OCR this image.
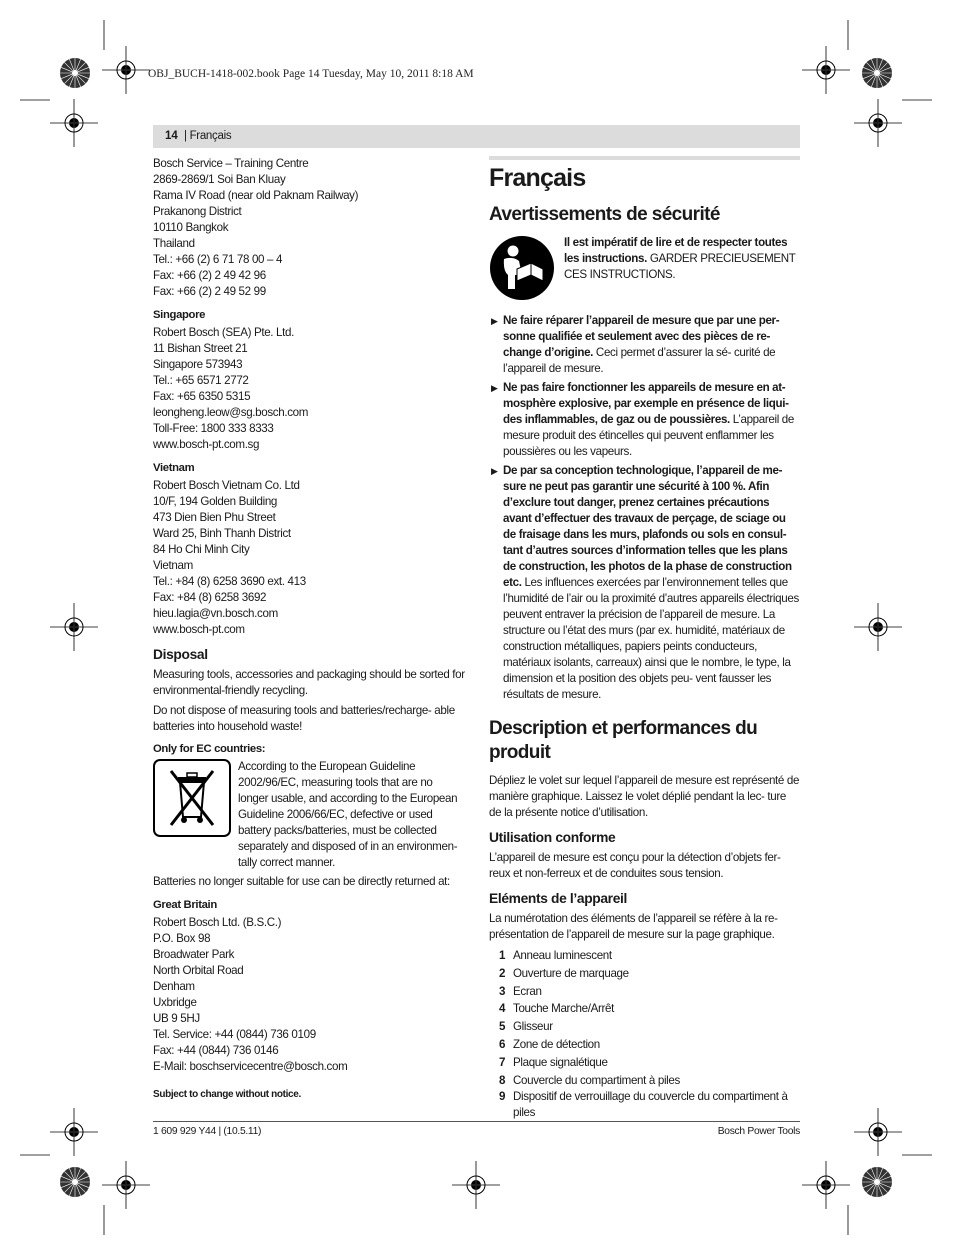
OBJ_BUCH-1418-002.book Page 14 Tuesday, May 10, 2011 8:18 AM
14 | Français
Bosch Service – Training Centre
2869-2869/1 Soi Ban Kluay
Rama IV Road (near old Paknam Railway)
Prakanong District
10110 Bangkok
Thailand
Tel.: +66 (2) 6 71 78 00 – 4
Fax: +66 (2) 2 49 42 96
Fax: +66 (2) 2 49 52 99
Singapore
Robert Bosch (SEA) Pte. Ltd.
11 Bishan Street 21
Singapore 573943
Tel.: +65 6571 2772
Fax: +65 6350 5315
leongheng.leow@sg.bosch.com
Toll-Free: 1800 333 8333
www.bosch-pt.com.sg
Vietnam
Robert Bosch Vietnam Co. Ltd
10/F, 194 Golden Building
473 Dien Bien Phu Street
Ward 25, Binh Thanh District
84 Ho Chi Minh City
Vietnam
Tel.: +84 (8) 6258 3690 ext. 413
Fax: +84 (8) 6258 3692
hieu.lagia@vn.bosch.com
www.bosch-pt.com
Disposal
Measuring tools, accessories and packaging should be sorted for environmental-friendly recycling.
Do not dispose of measuring tools and batteries/recharge- able batteries into household waste!
Only for EC countries:
According to the European Guideline 2002/96/EC, measuring tools that are no longer usable, and according to the European Guideline 2006/66/EC, defective or used battery packs/batteries, must be collected separately and disposed of in an environmen- tally correct manner.
Batteries no longer suitable for use can be directly returned at:
Great Britain
Robert Bosch Ltd. (B.S.C.)
P.O. Box 98
Broadwater Park
North Orbital Road
Denham
Uxbridge
UB 9 5HJ
Tel. Service: +44 (0844) 736 0109
Fax: +44 (0844) 736 0146
E-Mail: boschservicecentre@bosch.com
Subject to change without notice.
Français
Avertissements de sécurité
Il est impératif de lire et de respecter toutes les instructions. GARDER PRECIEUSEMENT CES INSTRUCTIONS.
▶ Ne faire réparer l’appareil de mesure que par une per- sonne qualifiée et seulement avec des pièces de re- change d’origine. Ceci permet d’assurer la sé- curité de l’appareil de mesure.
▶ Ne pas faire fonctionner les appareils de mesure en at- mosphère explosive, par exemple en présence de liqui- des inflammables, de gaz ou de poussières. L’appareil de mesure produit des étincelles qui peuvent enflammer les poussières ou les vapeurs.
▶ De par sa conception technologique, l’appareil de me- sure ne peut pas garantir une sécurité à 100 %. Afin d’exclure tout danger, prenez certaines précautions avant d’effectuer des travaux de perçage, de sciage ou de fraisage dans les murs, plafonds ou sols en consul- tant d’autres sources d’information telles que les plans de construction, les photos de la phase de construction etc. Les influences exercées par l’environnement telles que l’humidité de l’air ou la proximité d’autres appareils électriques peuvent entraver la précision de l’appareil de mesure. La structure ou l’état des murs (par ex. humidité, matériaux de construction métalliques, papiers peints conducteurs, matériaux isolants, carreaux) ainsi que le nombre, le type, la dimension et la position des objets peu- vent fausser les résultats de mesure.
Description et performances du produit
Dépliez le volet sur lequel l’appareil de mesure est représenté de manière graphique. Laissez le volet déplié pendant la lec- ture de la présente notice d’utilisation.
Utilisation conforme
L’appareil de mesure est conçu pour la détection d’objets fer- reux et non-ferreux et de conduites sous tension.
Eléments de l’appareil
La numérotation des éléments de l’appareil se réfère à la re- présentation de l’appareil de mesure sur la page graphique.
1 Anneau luminescent
2 Ouverture de marquage
3 Ecran
4 Touche Marche/Arrêt
5 Glisseur
6 Zone de détection
7 Plaque signalétique
8 Couvercle du compartiment à piles
9 Dispositif de verrouillage du couvercle du compartiment à piles
1 609 929 Y44 | (10.5.11)	Bosch Power Tools
